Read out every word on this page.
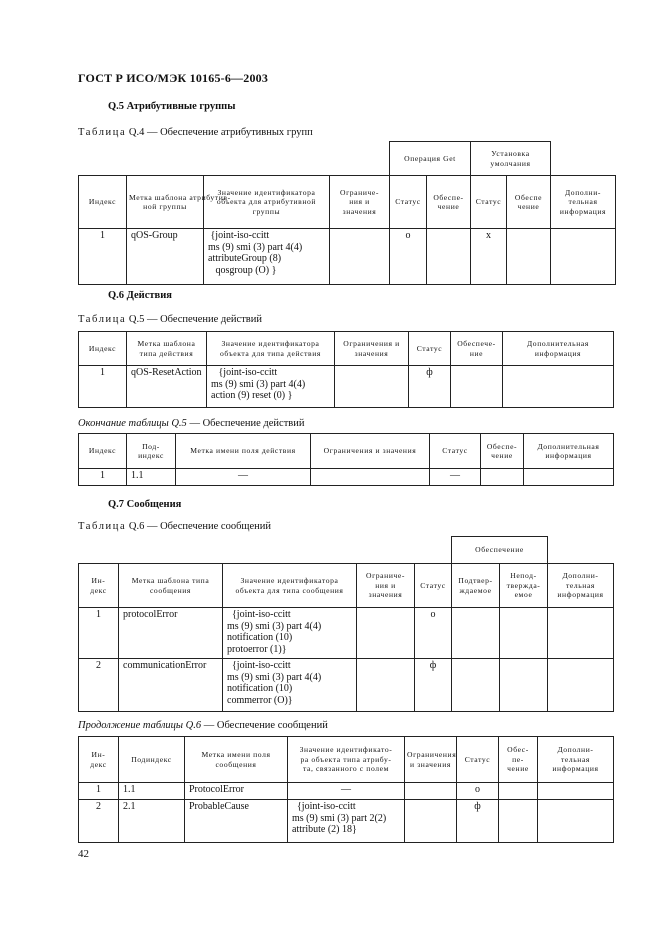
ГОСТ Р ИСО/МЭК 10165-6—2003
Q.5 Атрибутивные группы
Таблица Q.4 — Обеспечение атрибутивных групп
				Операция Get		Установка
умолчания		
Индекс	Метка шаблона атрибутив-
ной группы	Значение идентификатора
объекта для атрибутивной
группы	Ограниче-
ния и
значения	Статус	Обеспе-
чение	Статус	Обеспе
чение	Дополни-
тельная
информация
1	qOS-Group	{joint-iso-ccitt
ms (9) smi (3) part 4(4)
attributeGroup (8)
qosgroup (O) }		о		x		
Q.6 Действия
Таблица Q.5 — Обеспечение действий
Индекс	Метка шаблона
типа действия	Значение идентификатора
объекта для типа действия	Ограничения и
значения	Статус	Обеспече-
ние	Дополнительная
информация
1	qOS-ResetAction	{joint-iso-ccitt
ms (9) smi (3) part 4(4)
action (9) reset (0) }		ф		
Окончание таблицы Q.5 — Обеспечение действий
Индекс	Под-
индекс	Метка имени поля действия	Ограничения и значения	Статус	Обеспе-
чение	Дополнительная
информация
1	1.1	—		—		
Q.7 Сообщения
Таблица Q.6 — Обеспечение сообщений
					Обеспечение		
Ин-
декс	Метка шаблона типа
сообщения	Значение идентификатора
объекта для типа сообщения	Ограниче-
ния и
значения	Статус	Подтвер-
ждаемое	Непод-
твержда-
емое	Дополни-
тельная
информация
1	protocolError	{joint-iso-ccitt
ms (9) smi (3) part 4(4)
notification (10)
protoerror (1)}		о			
2	communicationError	{joint-iso-ccitt
ms (9) smi (3) part 4(4)
notification (10)
commerror (O)}		ф			
Продолжение таблицы Q.6 — Обеспечение сообщений
Ин-
декс	Подиндекс	Метка имени поля
сообщения	Значение идентификато-
ра объекта типа атрибу-
та, связанного с полем	Ограничения
и значения	Статус	Обес-
пе-
чение	Дополни-
тельная
информация
1	1.1	ProtocolError	—		о		
2	2.1	ProbableCause	{joint-iso-ccitt
ms (9) smi (3) part 2(2)
attribute (2) 18}		ф		
42
